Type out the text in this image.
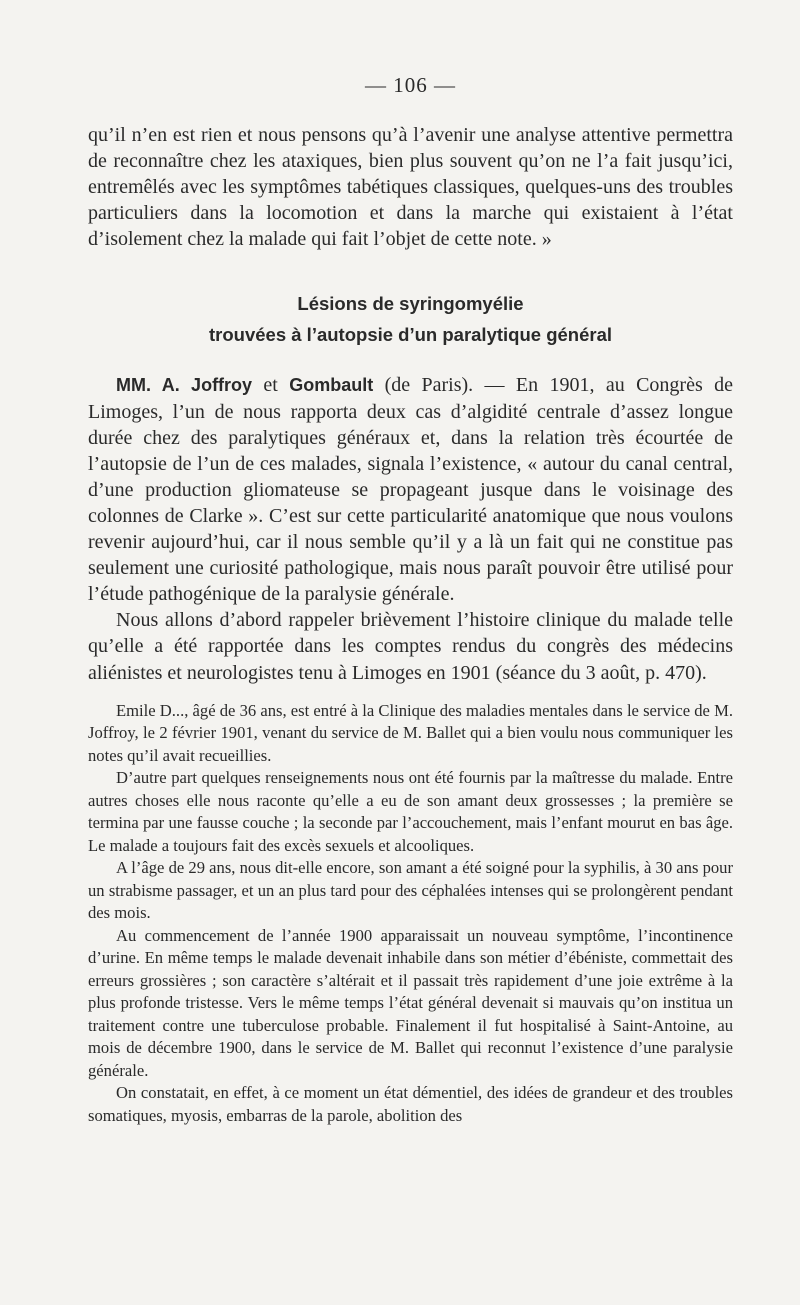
— 106 —

qu’il n’en est rien et nous pensons qu’à l’avenir une analyse attentive permettra de reconnaître chez les ataxiques, bien plus souvent qu’on ne l’a fait jusqu’ici, entremêlés avec les symptômes tabétiques classiques, quelques-uns des troubles particuliers dans la locomotion et dans la marche qui existaient à l’état d’isolement chez la malade qui fait l’objet de cette note. »

Lésions de syringomyélie

trouvées à l’autopsie d’un paralytique général

MM. A. Joffroy et Gombault (de Paris). — En 1901, au Congrès de Limoges, l’un de nous rapporta deux cas d’algidité centrale d’assez longue durée chez des paralytiques généraux et, dans la relation très écourtée de l’autopsie de l’un de ces malades, signala l’existence, « autour du canal central, d’une production gliomateuse se propageant jusque dans le voisinage des colonnes de Clarke ». C’est sur cette particularité anatomique que nous voulons revenir aujourd’hui, car il nous semble qu’il y a là un fait qui ne constitue pas seulement une curiosité pathologique, mais nous paraît pouvoir être utilisé pour l’étude pathogénique de la paralysie générale.

Nous allons d’abord rappeler brièvement l’histoire clinique du malade telle qu’elle a été rapportée dans les comptes rendus du congrès des médecins aliénistes et neurologistes tenu à Limoges en 1901 (séance du 3 août, p. 470).

Emile D..., âgé de 36 ans, est entré à la Clinique des maladies mentales dans le service de M. Joffroy, le 2 février 1901, venant du service de M. Ballet qui a bien voulu nous communiquer les notes qu’il avait recueillies.

D’autre part quelques renseignements nous ont été fournis par la maîtresse du malade. Entre autres choses elle nous raconte qu’elle a eu de son amant deux grossesses ; la première se termina par une fausse couche ; la seconde par l’accouchement, mais l’enfant mourut en bas âge. Le malade a toujours fait des excès sexuels et alcooliques.

A l’âge de 29 ans, nous dit-elle encore, son amant a été soigné pour la syphilis, à 30 ans pour un strabisme passager, et un an plus tard pour des céphalées intenses qui se prolongèrent pendant des mois.

Au commencement de l’année 1900 apparaissait un nouveau symptôme, l’incontinence d’urine. En même temps le malade devenait inhabile dans son métier d’ébéniste, commettait des erreurs grossières ; son caractère s’altérait et il passait très rapidement d’une joie extrême à la plus profonde tristesse. Vers le même temps l’état général devenait si mauvais qu’on institua un traitement contre une tuberculose probable. Finalement il fut hospitalisé à Saint-Antoine, au mois de décembre 1900, dans le service de M. Ballet qui reconnut l’existence d’une paralysie générale.

On constatait, en effet, à ce moment un état démentiel, des idées de grandeur et des troubles somatiques, myosis, embarras de la parole, abolition des
